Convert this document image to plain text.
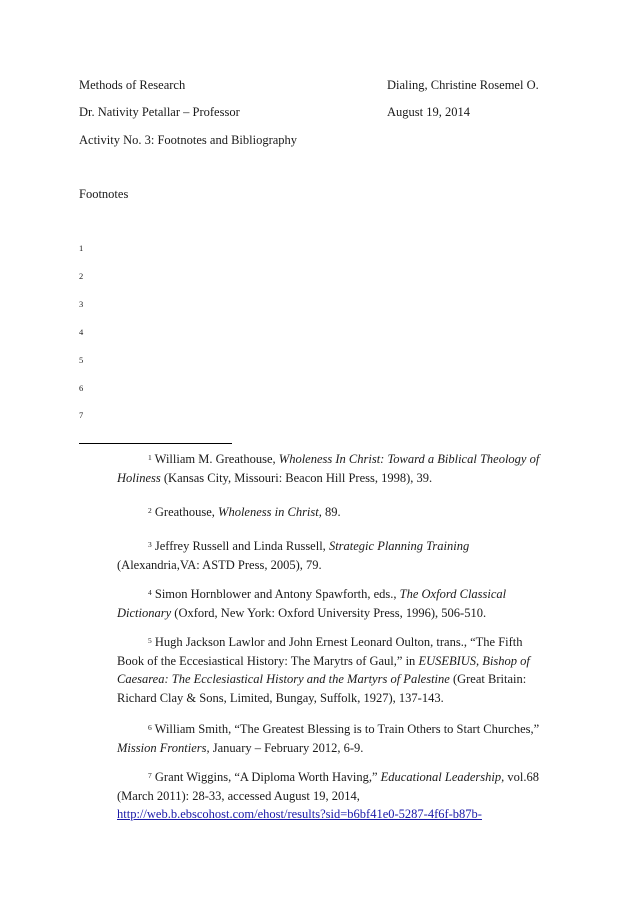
Methods of Research	Dialing, Christine Rosemel O.
Dr. Nativity Petallar – Professor	August 19, 2014
Activity No. 3: Footnotes and Bibliography
Footnotes
1
2
3
4
5
6
7
$^1$ William M. Greathouse, Wholeness In Christ: Toward a Biblical Theology of
Holiness (Kansas City, Missouri: Beacon Hill Press, 1998), 39.
$^2$ Greathouse, Wholeness in Christ, 89.
$^3$ Jeffrey Russell and Linda Russell, Strategic Planning Training
(Alexandria,VA: ASTD Press, 2005), 79.
$^4$ Simon Hornblower and Antony Spawforth, eds., The Oxford Classical
Dictionary (Oxford, New York: Oxford University Press, 1996), 506-510.
$^5$ Hugh Jackson Lawlor and John Ernest Leonard Oulton, trans., “The Fifth
Book of the Eccesiastical History: The Marytrs of Gaul,” in EUSEBIUS, Bishop of
Caesarea: The Ecclesiastical History and the Martyrs of Palestine (Great Britain:
Richard Clay & Sons, Limited, Bungay, Suffolk, 1927), 137-143.
$^6$ William Smith, “The Greatest Blessing is to Train Others to Start Churches,”
Mission Frontiers, January – February 2012, 6-9.
$^7$ Grant Wiggins, “A Diploma Worth Having,” Educational Leadership, vol.68
(March 2011): 28-33, accessed August 19, 2014,
http://web.b.ebscohost.com/ehost/results?sid=b6bf41e0-5287-4f6f-b87b-
